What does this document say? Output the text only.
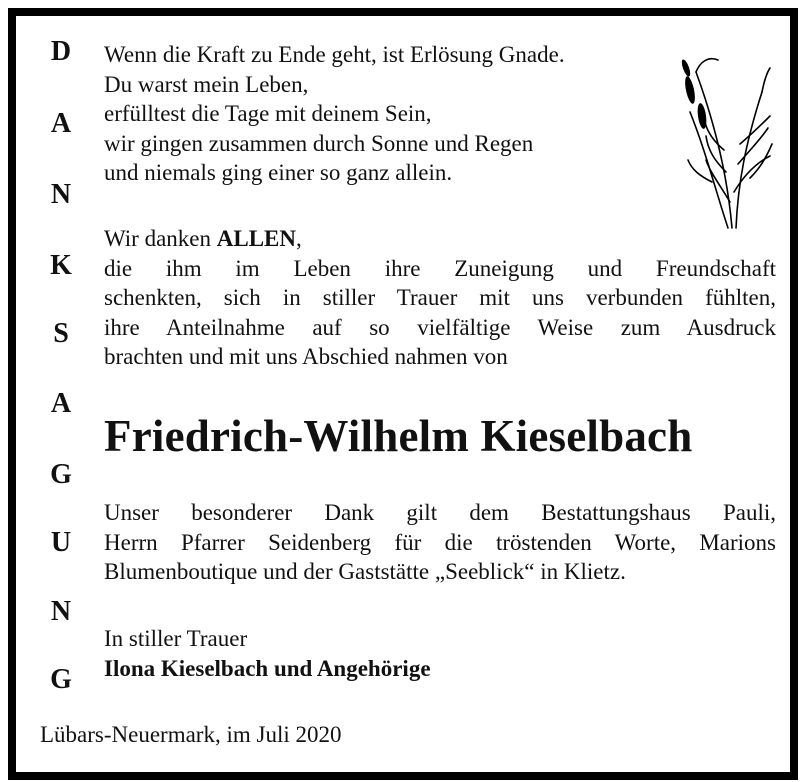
D
A
N
K
S
A
G
U
N
G
Wenn die Kraft zu Ende geht, ist Erlösung Gnade.
Du warst mein Leben,
erfülltest die Tage mit deinem Sein,
wir gingen zusammen durch Sonne und Regen
und niemals ging einer so ganz allein.
Wir danken ALLEN,
die ihm im Leben ihre Zuneigung und Freundschaft
schenkten, sich in stiller Trauer mit uns verbunden fühlten,
ihre Anteilnahme auf so vielfältige Weise zum Ausdruck
brachten und mit uns Abschied nahmen von
Friedrich-Wilhelm Kieselbach
Unser besonderer Dank gilt dem Bestattungshaus Pauli,
Herrn Pfarrer Seidenberg für die tröstenden Worte, Marions
Blumenboutique und der Gaststätte „Seeblick“ in Klietz.
In stiller Trauer
Ilona Kieselbach und Angehörige
Lübars-Neuermark, im Juli 2020
